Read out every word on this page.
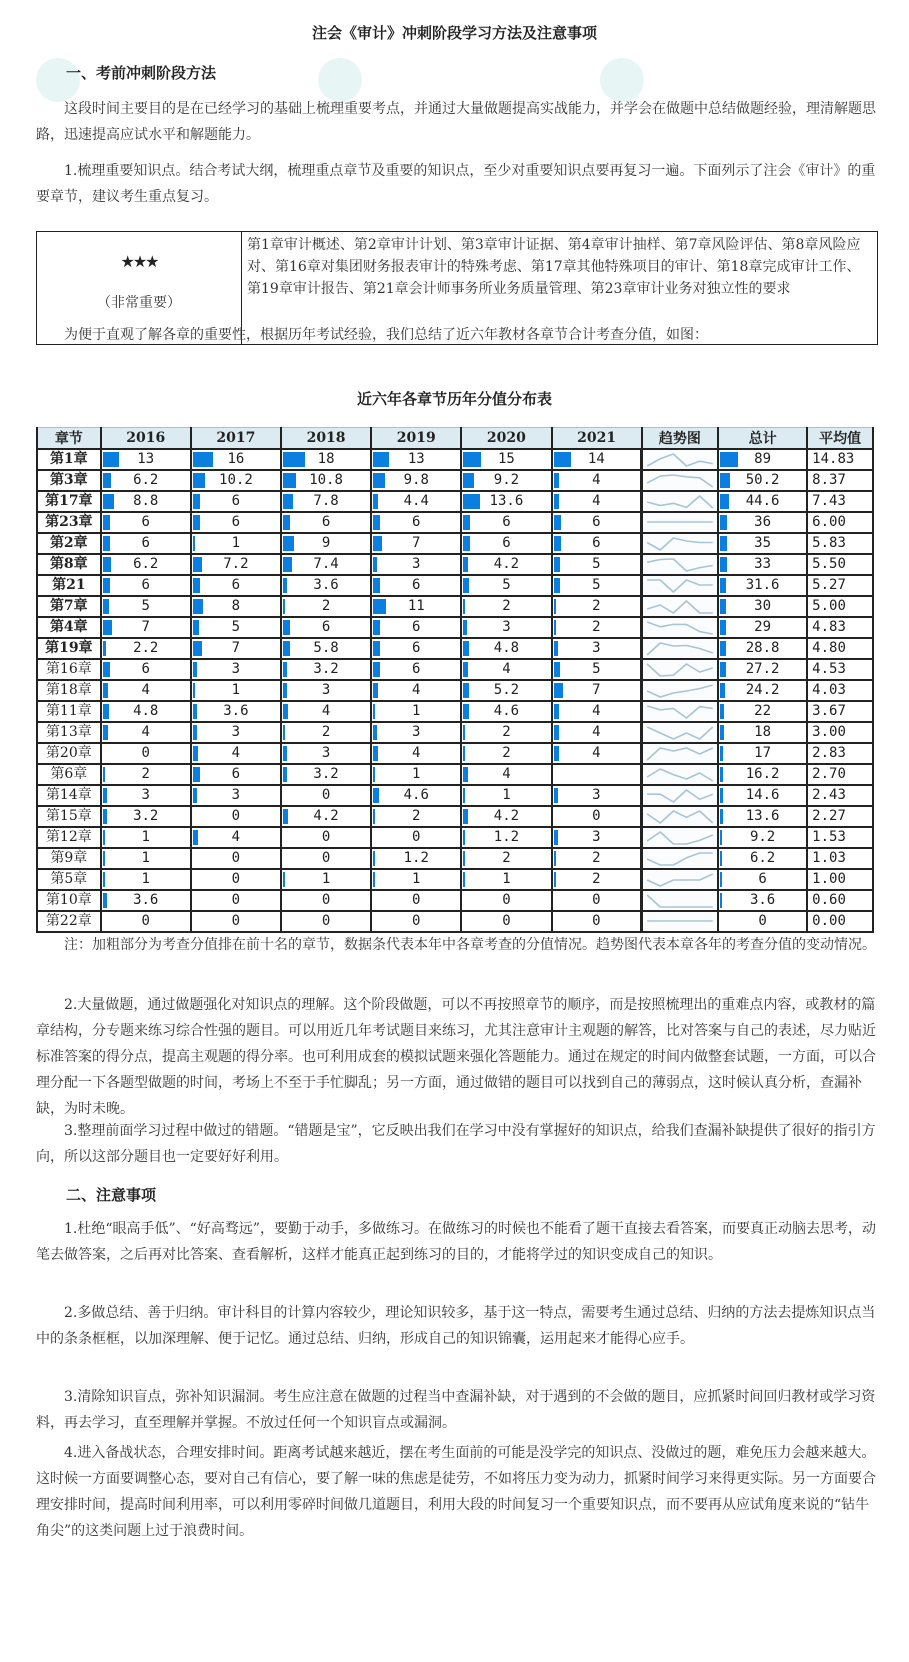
注会《审计》冲刺阶段学习方法及注意事项
一、考前冲刺阶段方法
这段时间主要目的是在已经学习的基础上梳理重要考点，并通过大量做题提高实战能力，并学会在做题中总结做题经验，理清解题思路，迅速提高应试水平和解题能力。
1.梳理重要知识点。结合考试大纲，梳理重点章节及重要的知识点，至少对重要知识点要再复习一遍。下面列示了注会《审计》的重要章节，建议考生重点复习。
★★★
（非常重要）
第1章审计概述、第2章审计计划、第3章审计证据、第4章审计抽样、第7章风险评估、第8章风险应对、第16章对集团财务报表审计的特殊考虑、第17章其他特殊项目的审计、第18章完成审计工作、第19章审计报告、第21章会计师事务所业务质量管理、第23章审计业务对独立性的要求
为便于直观了解各章的重要性，根据历年考试经验，我们总结了近六年教材各章节合计考查分值，如图：
近六年各章节历年分值分布表
章节	2016	2017	2018	2019	2020	2021	趋势图	总计	平均值
第1章	13	16	18	13	15	14		89	14.83
第3章	6.2	10.2	10.8	9.8	9.2	4		50.2	8.37
第17章	8.8	6	7.8	4.4	13.6	4		44.6	7.43
第23章	6	6	6	6	6	6		36	6.00
第2章	6	1	9	7	6	6		35	5.83
第8章	6.2	7.2	7.4	3	4.2	5		33	5.50
第21	6	6	3.6	6	5	5		31.6	5.27
第7章	5	8	2	11	2	2		30	5.00
第4章	7	5	6	6	3	2		29	4.83
第19章	2.2	7	5.8	6	4.8	3		28.8	4.80
第16章	6	3	3.2	6	4	5		27.2	4.53
第18章	4	1	3	4	5.2	7		24.2	4.03
第11章	4.8	3.6	4	1	4.6	4		22	3.67
第13章	4	3	2	3	2	4		18	3.00
第20章	0	4	3	4	2	4		17	2.83
第6章	2	6	3.2	1	4			16.2	2.70
第14章	3	3	0	4.6	1	3		14.6	2.43
第15章	3.2	0	4.2	2	4.2	0		13.6	2.27
第12章	1	4	0	0	1.2	3		9.2	1.53
第9章	1	0	0	1.2	2	2		6.2	1.03
第5章	1	0	1	1	1	2		6	1.00
第10章	3.6	0	0	0	0	0		3.6	0.60
第22章	0	0	0	0	0	0		0	0.00
注：加粗部分为考查分值排在前十名的章节，数据条代表本年中各章考查的分值情况。趋势图代表本章各年的考查分值的变动情况。
2.大量做题，通过做题强化对知识点的理解。这个阶段做题，可以不再按照章节的顺序，而是按照梳理出的重难点内容，或教材的篇章结构，分专题来练习综合性强的题目。可以用近几年考试题目来练习，尤其注意审计主观题的解答，比对答案与自己的表述，尽力贴近标准答案的得分点，提高主观题的得分率。也可利用成套的模拟试题来强化答题能力。通过在规定的时间内做整套试题，一方面，可以合理分配一下各题型做题的时间，考场上不至于手忙脚乱；另一方面，通过做错的题目可以找到自己的薄弱点，这时候认真分析，查漏补缺，为时未晚。
3.整理前面学习过程中做过的错题。“错题是宝”，它反映出我们在学习中没有掌握好的知识点，给我们查漏补缺提供了很好的指引方向，所以这部分题目也一定要好好利用。
二、注意事项
1.杜绝“眼高手低”、“好高骛远”，要勤于动手，多做练习。在做练习的时候也不能看了题干直接去看答案，而要真正动脑去思考，动笔去做答案，之后再对比答案、查看解析，这样才能真正起到练习的目的，才能将学过的知识变成自己的知识。
2.多做总结、善于归纳。审计科目的计算内容较少，理论知识较多，基于这一特点，需要考生通过总结、归纳的方法去提炼知识点当中的条条框框，以加深理解、便于记忆。通过总结、归纳，形成自己的知识锦囊，运用起来才能得心应手。
3.清除知识盲点，弥补知识漏洞。考生应注意在做题的过程当中查漏补缺，对于遇到的不会做的题目，应抓紧时间回归教材或学习资料，再去学习，直至理解并掌握。不放过任何一个知识盲点或漏洞。
4.进入备战状态，合理安排时间。距离考试越来越近，摆在考生面前的可能是没学完的知识点、没做过的题，难免压力会越来越大。这时候一方面要调整心态，要对自己有信心，要了解一味的焦虑是徒劳，不如将压力变为动力，抓紧时间学习来得更实际。另一方面要合理安排时间，提高时间利用率，可以利用零碎时间做几道题目，利用大段的时间复习一个重要知识点，而不要再从应试角度来说的“钻牛角尖”的这类问题上过于浪费时间。
